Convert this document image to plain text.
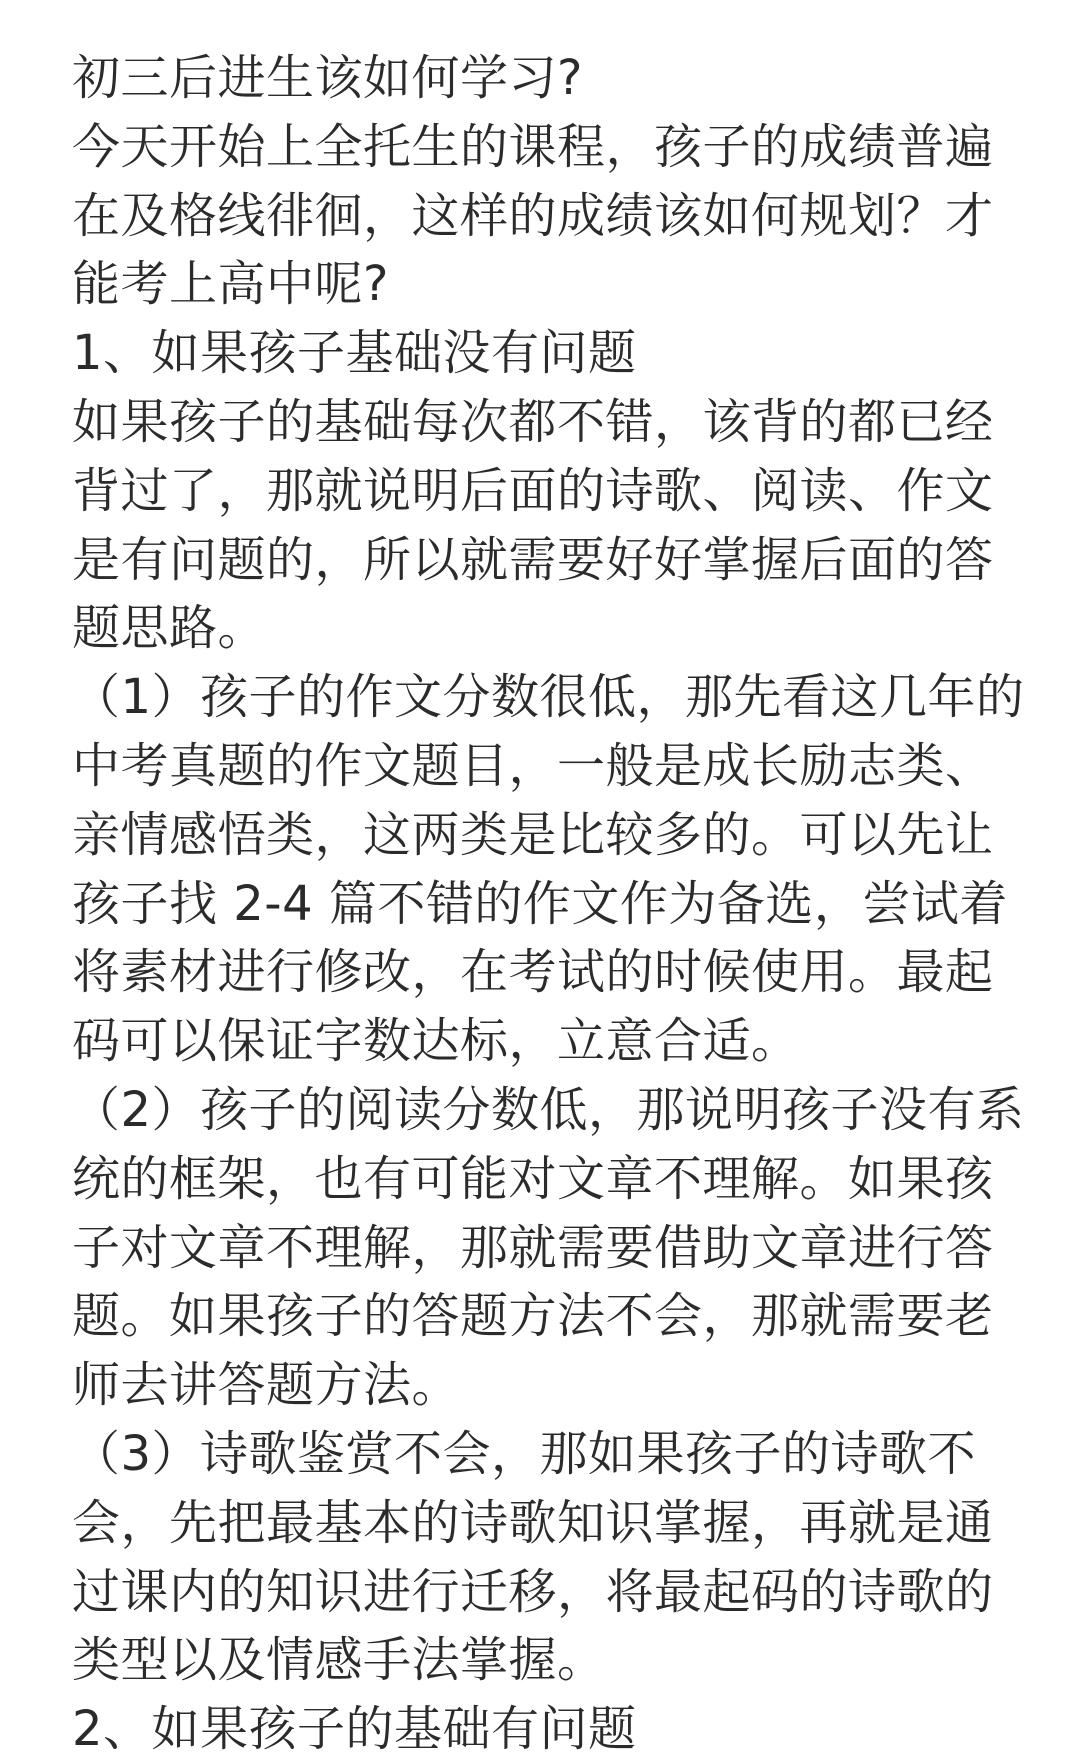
初三后进生该如何学习?
今天开始上全托生的课程，孩子的成绩普遍
在及格线徘徊，这样的成绩该如何规划？才
能考上高中呢?
1、如果孩子基础没有问题
如果孩子的基础每次都不错，该背的都已经
背过了，那就说明后面的诗歌、阅读、作文
是有问题的，所以就需要好好掌握后面的答
题思路。
（1）孩子的作文分数很低，那先看这几年的
中考真题的作文题目，一般是成长励志类、
亲情感悟类，这两类是比较多的。可以先让
孩子找 2-4 篇不错的作文作为备选，尝试着
将素材进行修改，在考试的时候使用。最起
码可以保证字数达标，立意合适。
（2）孩子的阅读分数低，那说明孩子没有系
统的框架，也有可能对文章不理解。如果孩
子对文章不理解，那就需要借助文章进行答
题。如果孩子的答题方法不会，那就需要老
师去讲答题方法。
（3）诗歌鉴赏不会，那如果孩子的诗歌不
会，先把最基本的诗歌知识掌握，再就是通
过课内的知识进行迁移，将最起码的诗歌的
类型以及情感手法掌握。
2、如果孩子的基础有问题
